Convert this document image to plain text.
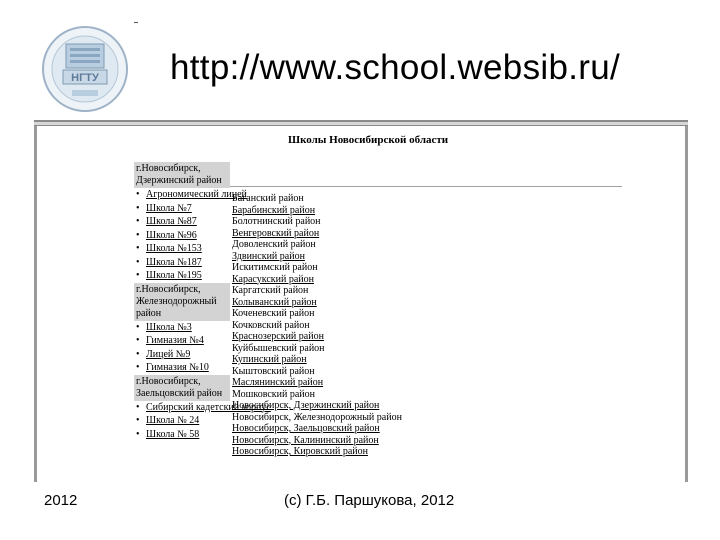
НГТУ http://www.school.websib.ru/
Школы Новосибирской области
г.Новосибирск, Дзержинский район
• Агрономический лицей
• Школа №7
• Школа №87
• Школа №96
• Школа №153
• Школа №187
• Школа №195
г.Новосибирск, Железнодорожный район
• Школа №3
• Гимназия №4
• Лицей №9
• Гимназия №10
г.Новосибирск, Заельцовский район
• Сибирский кадетский корпус
• Школа № 24
• Школа № 58
Баганский район
Барабинский район
Болотнинский район
Венгеровский район
Доволенский район
Здвинский район
Искитимский район
Карасукский район
Каргатский район
Колыванский район
Коченевский район
Кочковский район
Краснозерский район
Куйбышевский район
Купинский район
Кыштовский район
Маслянинский район
Мошковский район
Новосибирск, Дзержинский район
Новосибирск, Железнодорожный район
Новосибирск, Заельцовский район
Новосибирск, Калининский район
Новосибирск, Кировский район
2012	(с) Г.Б. Паршукова, 2012
